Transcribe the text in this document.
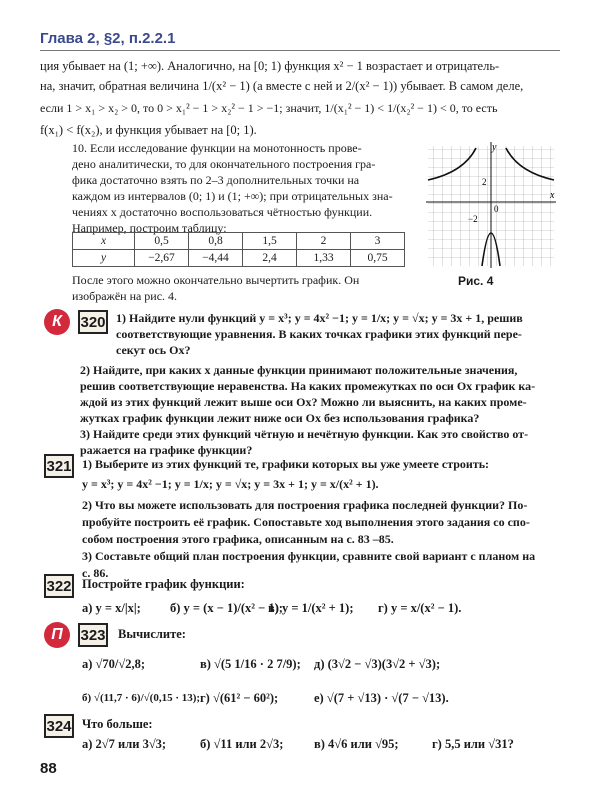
Глава 2, §2, п.2.2.1
ция убывает на (1; +∞). Аналогично, на [0; 1) функция x² − 1 возрастает и отрицатель-
на, значит, обратная величина 1/(x² − 1) (а вместе с ней и 2/(x² − 1)) убывает. В самом деле,
если 1 > x₁ > x₂ > 0, то 0 > x₁² − 1 > x₂² − 1 > −1; значит, 1/(x₁² − 1) < 1/(x₂² − 1) < 0, то есть
f(x₁) < f(x₂), и функция убывает на [0; 1).
10. Если исследование функции на монотонность прове-
дено аналитически, то для окончательного построения гра-
фика достаточно взять по 2–3 дополнительных точки на
каждом из интервалов (0; 1) и (1; +∞); при отрицательных зна-
чениях x достаточно воспользоваться чётностью функции.
Например, построим таблицу:
x	0,5	0,8	1,5	2	3
y	−2,67	−4,44	2,4	1,33	0,75
После этого можно окончательно вычертить график. Он
изображён на рис. 4.
y
x
0
2
−2
Рис. 4
К	320 1) Найдите нули функций y = x³; y = 4x² −1; y = 1/x; y = √x; y = 3x + 1, решив
соответствующие уравнения. В каких точках графики этих функций пере-
секут ось Ox?
2) Найдите, при каких x данные функции принимают положительные значения,
решив соответствующие неравенства. На каких промежутках по оси Ox график ка-
ждой из этих функций лежит выше оси Ox? Можно ли выяснить, на каких проме-
жутках график функции лежит ниже оси Ox без использования графика?
3) Найдите среди этих функций чётную и нечётную функции. Как это свойство от-
ражается на графике функции?
321 1) Выберите из этих функций те, графики которых вы уже умеете строить:
y = x³; y = 4x² −1; y = 1/x; y = √x; y = 3x + 1; y = x/(x² + 1).
2) Что вы можете использовать для построения графика последней функции? По-
пробуйте построить её график. Сопоставьте ход выполнения этого задания со спо-
собом построения этого графика, описанным на с. 83 –85.
3) Составьте общий план построения функции, сравните свой вариант с планом на
с. 86.
322 Постройте график функции:
а) y = x/|x|;	б) y = (x − 1)/(x² − 1);
в) y = 1/(x² + 1);	г) y = x/(x² − 1).
П	323 Вычислите:
а) √70/√2,8;	в) √(5 1/16 · 2 7/9);	д) (3√2 − √3)(3√2 + √3);
б) √(11,7 · 6)/√(0,15 · 13); г) √(61² − 60²);	е) √(7 + √13) · √(7 − √13).
324 Что больше:
а) 2√7 или 3√3;	б) √11 или 2√3;	в) 4√6 или √95;	г) 5,5 или √31?
88
